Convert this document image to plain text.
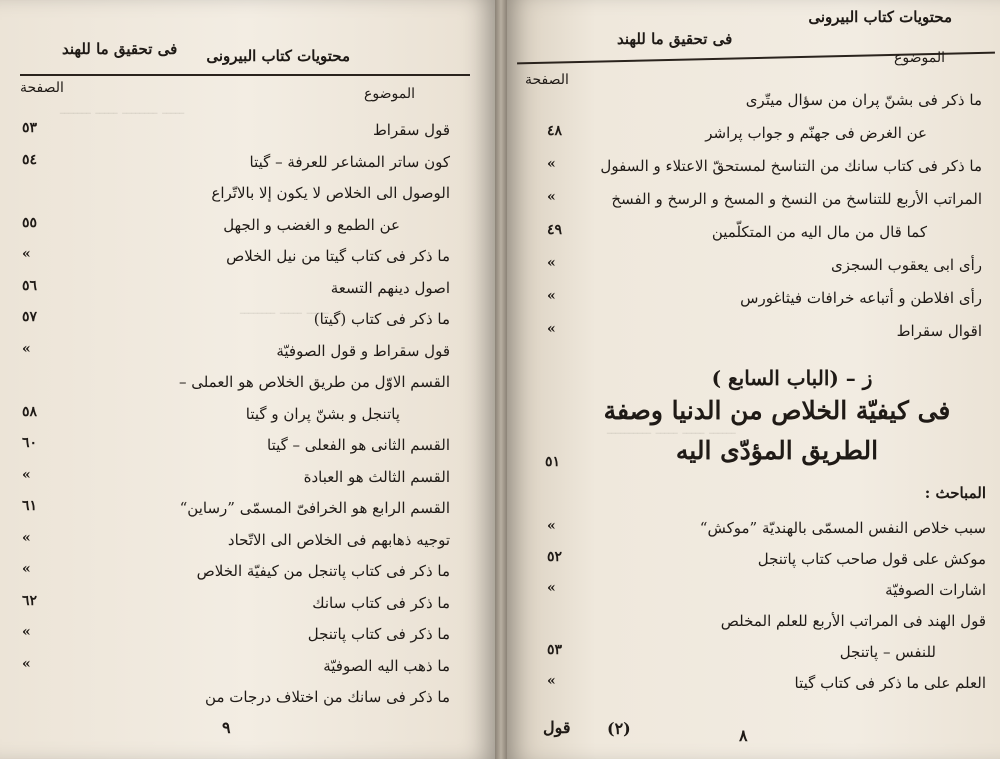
ـــــــ ـــــ ــــــــ ـــــ
ــــــــ ـــــ ـــــ
محتويات كتاب البيرونى
فى تحقيق ما للهند
الموضوع
الصفحة
قول سقراط
٥٣
كون ساتر المشاعر للعرفة – گيتا
٥٤
الوصول الى الخلاص لا يكون إلا بالاتّراع
عن الطمع و الغضب و الجهل
٥٥
ما ذكر فى كتاب گيتا من نيل الخلاص
»
اصول دينهم التسعة
٥٦
ما ذكر فى كتاب (گيتا)
٥٧
قول سقراط و قول الصوفيّة
»
القسم الاوّل من طريق الخلاص هو العملى –
پاتنجل و بشنّ پران و گيتا
٥٨
القسم الثانى هو الفعلى – گيتا
٦٠
القسم الثالث هو العبادة
»
القسم الرابع هو الخرافىّ المسمّى ”رساين“
٦١
توجيه ذهابهم فى الخلاص الى الاتّحاد
»
ما ذكر فى كتاب پاتنجل من كيفيّة الخلاص
»
ما ذكر فى كتاب سانك
٦٢
ما ذكر فى كتاب پاتنجل
»
ما ذهب اليه الصوفيّة
»
ما ذكر فى سانك من اختلاف درجات من
٩
ــــــــــ ـــــ ـــــ ــــــ
محتويات كتاب البيرونى
فى تحقيق ما للهند
الموضوع
الصفحة
ما ذكر فى بشنّ پران من سؤال ميتّرى
عن الغرض فى جهنّم و جواب پراشر
٤٨
ما ذكر فى كتاب سانك من التناسخ لمستحقّ الاعتلاء و السفول
»
المراتب الأربع للتناسخ من النسخ و المسخ و الرسخ و الفسخ
»
كما قال من مال اليه من المتكلّمين
٤٩
رأى ابى يعقوب السجزى
»
رأى افلاطن و أتباعه خرافات فيثاغورس
»
اقوال سقراط
»
ز – (الباب السابع )
فى كيفيّة الخلاص من الدنيا وصفة
الطريق المؤدّى اليه
٥١
المباحث :
سبب خلاص النفس المسمّى بالهنديّة ”موكش“
»
موكش على قول صاحب كتاب پاتنجل
٥٢
اشارات الصوفيّة
»
قول الهند فى المراتب الأربع للعلم المخلص
للنفس – پاتنجل
٥٣
العلم على ما ذكر فى كتاب گيتا
»
قول (٢)	٨
